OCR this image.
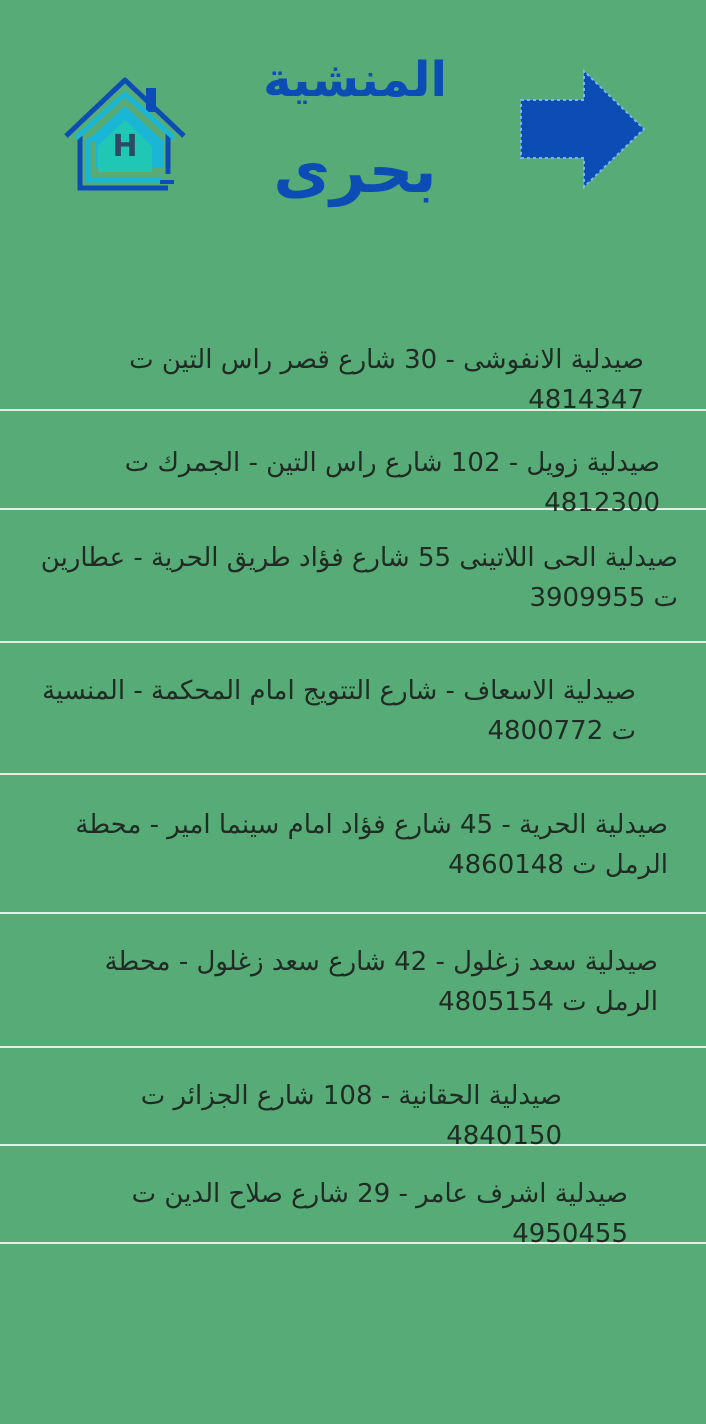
H
المنشية
بحرى
صيدلية الانفوشى - 30 شارع قصر راس التين ت 4814347
صيدلية زويل - 102 شارع راس التين - الجمرك ت 4812300
صيدلية الحى اللاتينى 55 شارع فؤاد طريق الحرية - عطارين ت 3909955
صيدلية الاسعاف - شارع التتويج امام المحكمة - المنسية ت 4800772
صيدلية الحرية - 45 شارع فؤاد امام سينما امير - محطة الرمل ت 4860148
صيدلية سعد زغلول - 42 شارع سعد زغلول - محطة الرمل ت 4805154
صيدلية الحقانية - 108 شارع الجزائر ت 4840150
صيدلية اشرف عامر - 29 شارع صلاح الدين ت 4950455
